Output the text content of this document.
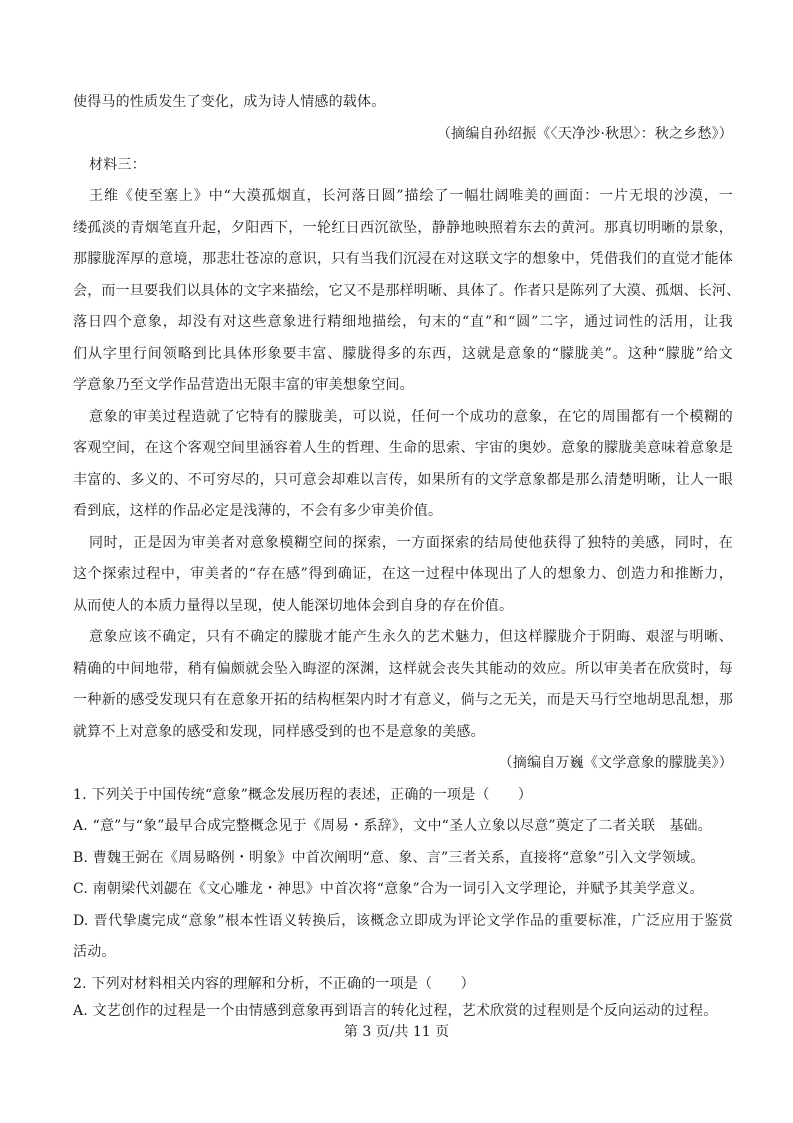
使得马的性质发生了变化，成为诗人情感的载体。
（摘编自孙绍振《〈天净沙·秋思〉：秋之乡愁》）
材料三：
王维《使至塞上》中“大漠孤烟直，长河落日圆”描绘了一幅壮阔唯美的画面：一片无垠的沙漠，一
缕孤淡的青烟笔直升起，夕阳西下，一轮红日西沉欲坠，静静地映照着东去的黄河。那真切明晰的景象，
那朦胧浑厚的意境，那悲壮苍凉的意识，只有当我们沉浸在对这联文字的想象中，凭借我们的直觉才能体
会，而一旦要我们以具体的文字来描绘，它又不是那样明晰、具体了。作者只是陈列了大漠、孤烟、长河、
落日四个意象，却没有对这些意象进行精细地描绘，句末的“直”和“圆”二字，通过词性的活用，让我
们从字里行间领略到比具体形象要丰富、朦胧得多的东西，这就是意象的“朦胧美”。这种“朦胧”给文
学意象乃至文学作品营造出无限丰富的审美想象空间。
意象的审美过程造就了它特有的朦胧美，可以说，任何一个成功的意象，在它的周围都有一个模糊的
客观空间，在这个客观空间里涵容着人生的哲理、生命的思索、宇宙的奥妙。意象的朦胧美意味着意象是
丰富的、多义的、不可穷尽的，只可意会却难以言传，如果所有的文学意象都是那么清楚明晰，让人一眼
看到底，这样的作品必定是浅薄的，不会有多少审美价值。
同时，正是因为审美者对意象模糊空间的探索，一方面探索的结局使他获得了独特的美感，同时，在
这个探索过程中，审美者的“存在感”得到确证，在这一过程中体现出了人的想象力、创造力和推断力，
从而使人的本质力量得以呈现，使人能深切地体会到自身的存在价值。
意象应该不确定，只有不确定的朦胧才能产生永久的艺术魅力，但这样朦胧介于阴晦、艰涩与明晰、
精确的中间地带，稍有偏颇就会坠入晦涩的深渊，这样就会丧失其能动的效应。所以审美者在欣赏时，每
一种新的感受发现只有在意象开拓的结构框架内时才有意义，倘与之无关，而是天马行空地胡思乱想，那
就算不上对意象的感受和发现，同样感受到的也不是意象的美感。
（摘编自万巍《文学意象的朦胧美》）
1. 下列关于中国传统“意象”概念发展历程的表述，正确的一项是（　　）
A. “意”与“象”最早合成完整概念见于《周易・系辞》，文中“圣人立象以尽意”奠定了二者关联　基础。
B. 曹魏王弼在《周易略例・明象》中首次阐明“意、象、言”三者关系，直接将“意象”引入文学领域。
C. 南朝梁代刘勰在《文心雕龙・神思》中首次将“意象”合为一词引入文学理论，并赋予其美学意义。
D. 晋代挚虞完成“意象”根本性语义转换后，该概念立即成为评论文学作品的重要标准，广泛应用于鉴赏
活动。
2. 下列对材料相关内容的理解和分析，不正确的一项是（　　）
A. 文艺创作的过程是一个由情感到意象再到语言的转化过程，艺术欣赏的过程则是个反向运动的过程。
第 3 页/共 11 页
